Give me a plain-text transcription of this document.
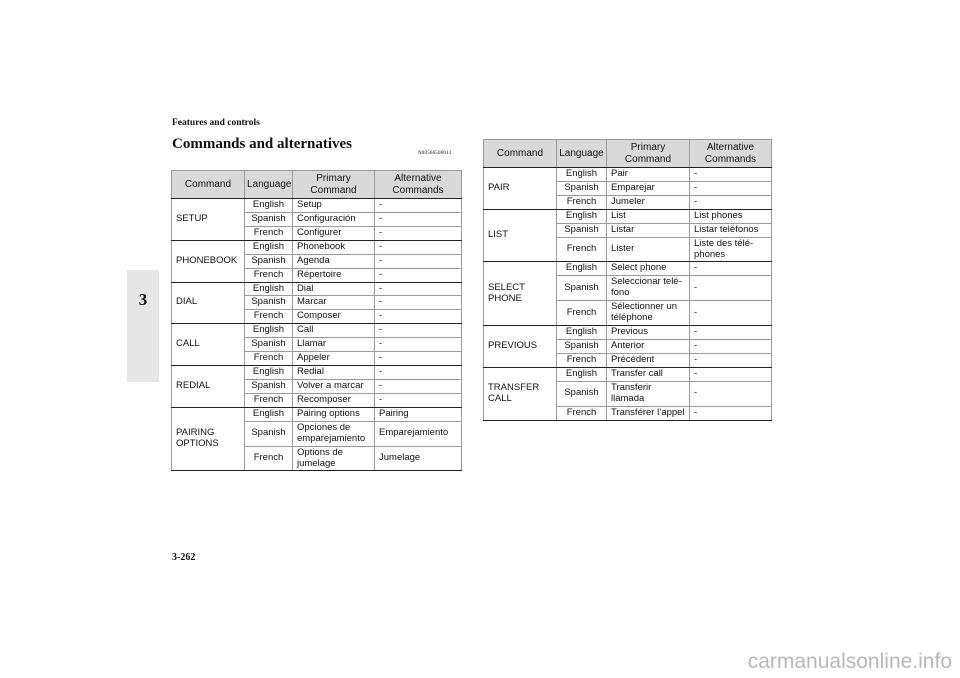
Features and controls
3
Commands and alternatives
N00566500013
Command	Language	Primary Command	Alternative Commands
SETUP	English	Setup	-
	Spanish	Configuración	-
	French	Configurer	-
PHONEBOOK	English	Phonebook	-
	Spanish	Agenda	-
	French	Répertoire	-
DIAL	English	Dial	-
	Spanish	Marcar	-
	French	Composer	-
CALL	English	Call	-
	Spanish	Llamar	-
	French	Appeler	-
REDIAL	English	Redial	-
	Spanish	Volver a marcar	-
	French	Recomposer	-
PAIRING OPTIONS	English	Pairing options	Pairing
	Spanish	Opciones de emparejamiento	Emparejamiento
	French	Options de jumelage	Jumelage
Command	Language	Primary Command	Alternative Commands
PAIR	English	Pair	-
	Spanish	Emparejar	-
	French	Jumeler	-
LIST	English	List	List phones
	Spanish	Listar	Listar teléfonos
	French	Lister	Liste des télé-phones
SELECT PHONE	English	Select phone	-
	Spanish	Seleccionar telé-fono	-
	French	Sélectionner un téléphone	-
PREVIOUS	English	Previous	-
	Spanish	Anterior	-
	French	Précédent	-
TRANSFER CALL	English	Transfer call	-
	Spanish	Transferir llamada	-
	French	Transférer l’appel	-
3-262
carmanualsonline.info
